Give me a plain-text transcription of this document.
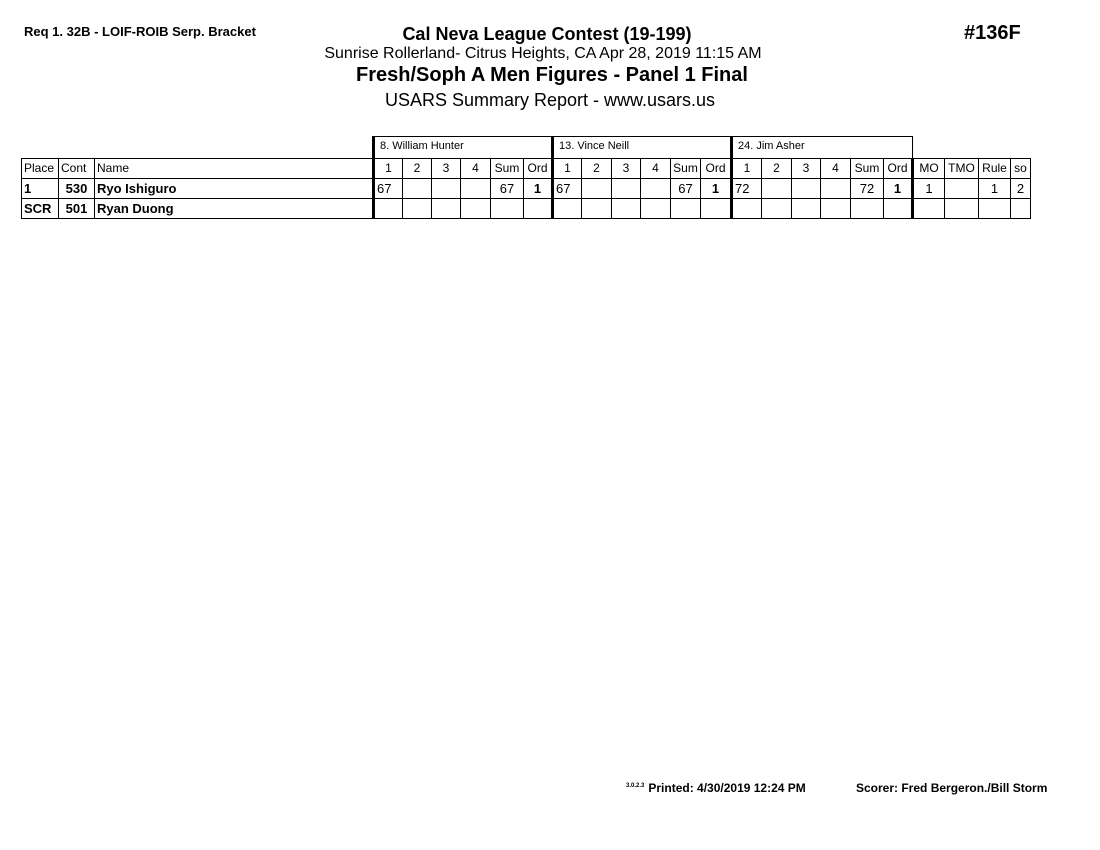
Req 1. 32B - LOIF-ROIB Serp. Bracket	#136F
Cal Neva League Contest (19-199)
Sunrise Rollerland- Citrus Heights, CA Apr 28, 2019 11:15 AM
Fresh/Soph A Men Figures - Panel 1 Final
USARS Summary Report - www.usars.us
			8. William Hunter						13. Vince Neill						24. Jim Asher									
Place	Cont	Name	1	2	3	4	Sum	Ord	1	2	3	4	Sum	Ord	1	2	3	4	Sum	Ord	MO	TMO	Rule	so
1	530	Ryo Ishiguro	67				67	1	67				67	1	72				72	1	1		1	2
SCR	501	Ryan Duong																						
$^{3.0.2.3}$ Printed: 4/30/2019 12:24 PM	Scorer: Fred Bergeron./Bill Storm
